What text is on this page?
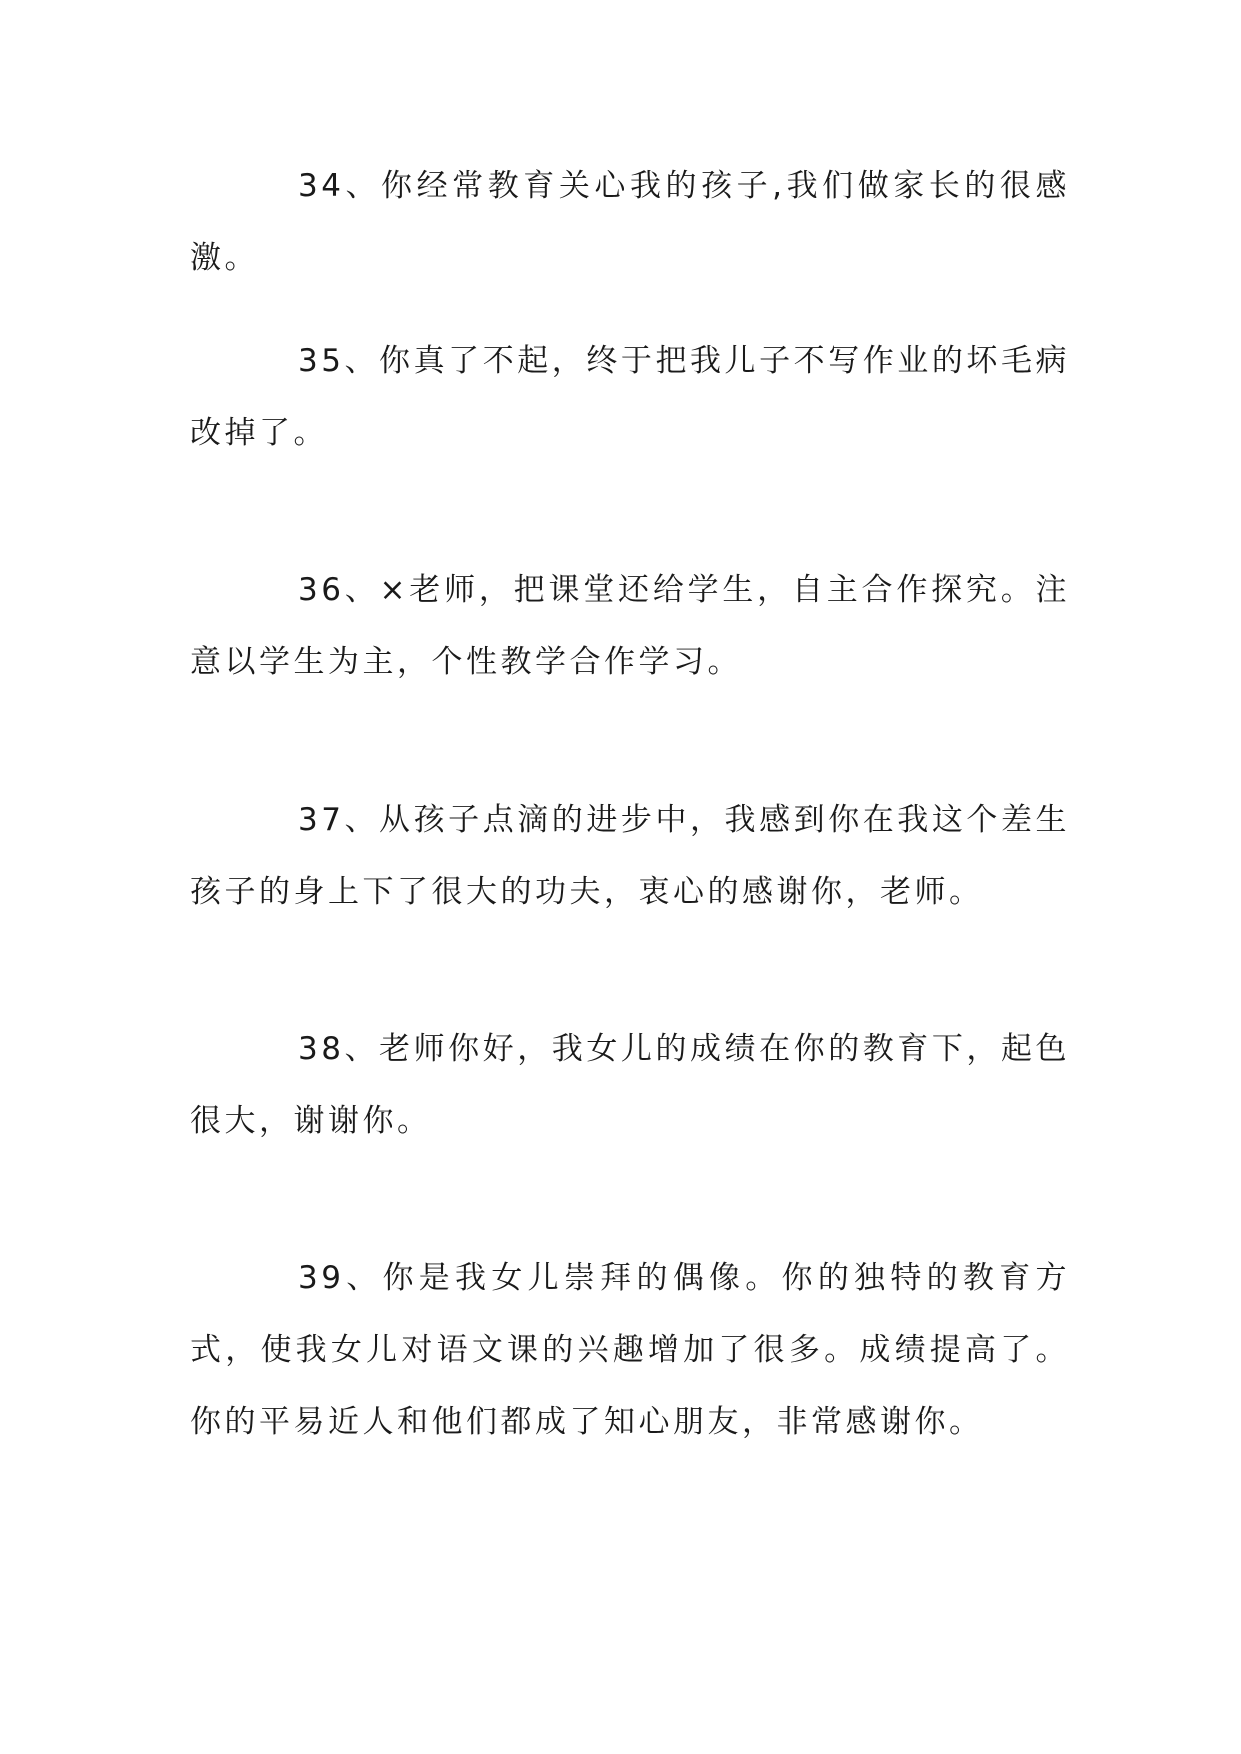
34、你经常教育关心我的孩子,我们做家长的很感激。

35、你真了不起，终于把我儿子不写作业的坏毛病改掉了。

36、×老师，把课堂还给学生，自主合作探究。注意以学生为主，个性教学合作学习。

37、从孩子点滴的进步中，我感到你在我这个差生孩子的身上下了很大的功夫，衷心的感谢你，老师。

38、老师你好，我女儿的成绩在你的教育下，起色很大，谢谢你。

39、你是我女儿崇拜的偶像。你的独特的教育方式，使我女儿对语文课的兴趣增加了很多。成绩提高了。你的平易近人和他们都成了知心朋友，非常感谢你。
